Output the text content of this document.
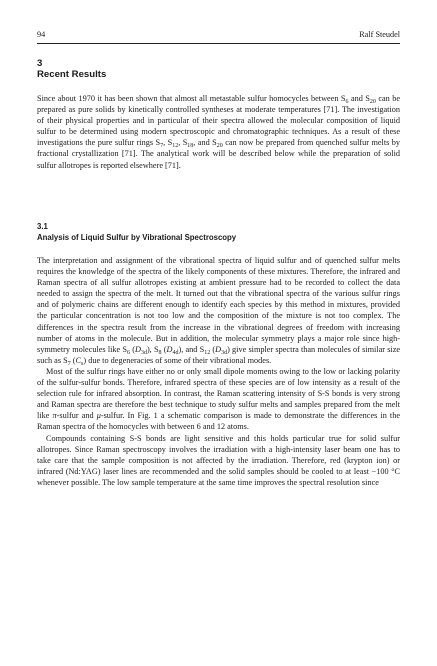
94	Ralf Steudel
3
Recent Results

Since about 1970 it has been shown that almost all metastable sulfur homocycles between $S_6$ and $S_{20}$ can be prepared as pure solids by kinetically controlled syntheses at moderate temperatures [71]. The investigation of their physical properties and in particular of their spectra allowed the molecular composition of liquid sulfur to be determined using modern spectroscopic and chromatographic techniques. As a result of these investigations the pure sulfur rings $S_7$, $S_{12}$, $S_{18}$, and $S_{20}$ can now be prepared from quenched sulfur melts by fractional crystallization [71]. The analytical work will be described below while the preparation of solid sulfur allotropes is reported elsewhere [71].

3.1
Analysis of Liquid Sulfur by Vibrational Spectroscopy

The interpretation and assignment of the vibrational spectra of liquid sulfur and of quenched sulfur melts requires the knowledge of the spectra of the likely components of these mixtures. Therefore, the infrared and Raman spectra of all sulfur allotropes existing at ambient pressure had to be recorded to collect the data needed to assign the spectra of the melt. It turned out that the vibrational spectra of the various sulfur rings and of polymeric chains are different enough to identify each species by this method in mixtures, provided the particular concentration is not too low and the composition of the mixture is not too complex. The differences in the spectra result from the increase in the vibrational degrees of freedom with increasing number of atoms in the molecule. But in addition, the molecular symmetry plays a major role since high-symmetry molecules like $S_6$ $(D_{3d})$, $S_8$ $(D_{4d})$, and $S_{12}$ $(D_{3d})$ give simpler spectra than molecules of similar size such as $S_7$ $(C_s)$ due to degeneracies of some of their vibrational modes.

Most of the sulfur rings have either no or only small dipole moments owing to the low or lacking polarity of the sulfur-sulfur bonds. Therefore, infrared spectra of these species are of low intensity as a result of the selection rule for infrared absorption. In contrast, the Raman scattering intensity of S-S bonds is very strong and Raman spectra are therefore the best technique to study sulfur melts and samples prepared from the melt like π-sulfur and μ-sulfur. In Fig. 1 a schematic comparison is made to demonstrate the differences in the Raman spectra of the homocycles with between 6 and 12 atoms.

Compounds containing S-S bonds are light sensitive and this holds particular true for solid sulfur allotropes. Since Raman spectroscopy involves the irradiation with a high-intensity laser beam one has to take care that the sample composition is not affected by the irradiation. Therefore, red (krypton ion) or infrared (Nd:YAG) laser lines are recommended and the solid samples should be cooled to at least −100 °C whenever possible. The low sample temperature at the same time improves the spectral resolution since
